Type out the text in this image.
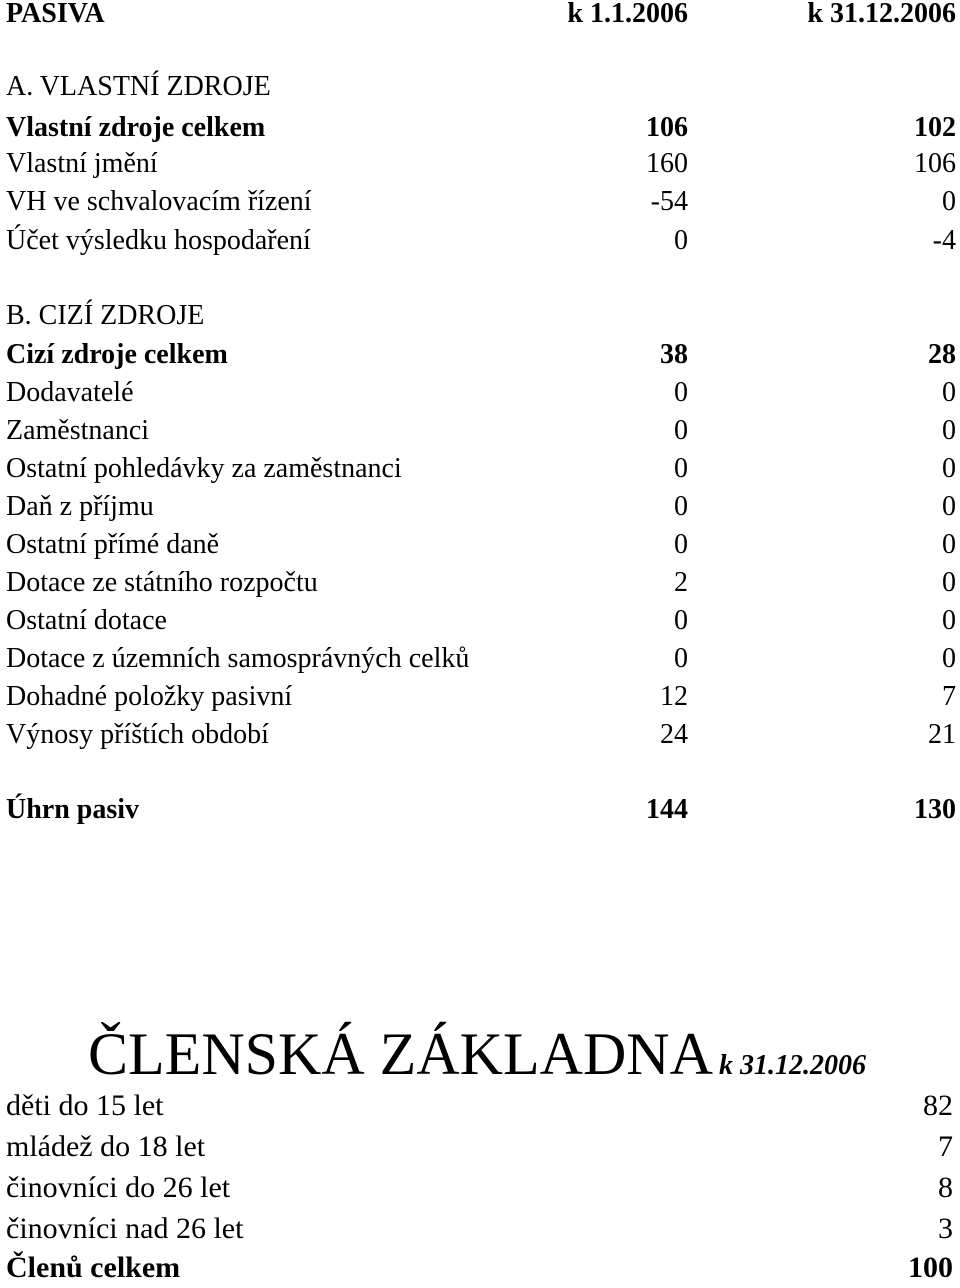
PASIVA	k 1.1.2006	k 31.12.2006
A. VLASTNÍ ZDROJE
Vlastní zdroje celkem	106	102
Vlastní jmění	160	106
VH ve schvalovacím řízení	-54	0
Účet výsledku hospodaření	0	-4
B. CIZÍ ZDROJE
Cizí zdroje celkem	38	28
Dodavatelé	0	0
Zaměstnanci	0	0
Ostatní pohledávky za zaměstnanci	0	0
Daň z příjmu	0	0
Ostatní přímé daně	0	0
Dotace ze státního rozpočtu	2	0
Ostatní dotace	0	0
Dotace z územních samosprávných celků	0	0
Dohadné položky pasivní	12	7
Výnosy příštích období	24	21
Úhrn pasiv	144	130
ČLENSKÁ ZÁKLADNA k 31.12.2006
děti do 15 let	82
mládež do 18 let	7
činovníci do 26 let	8
činovníci nad 26 let	3
Členů celkem	100
